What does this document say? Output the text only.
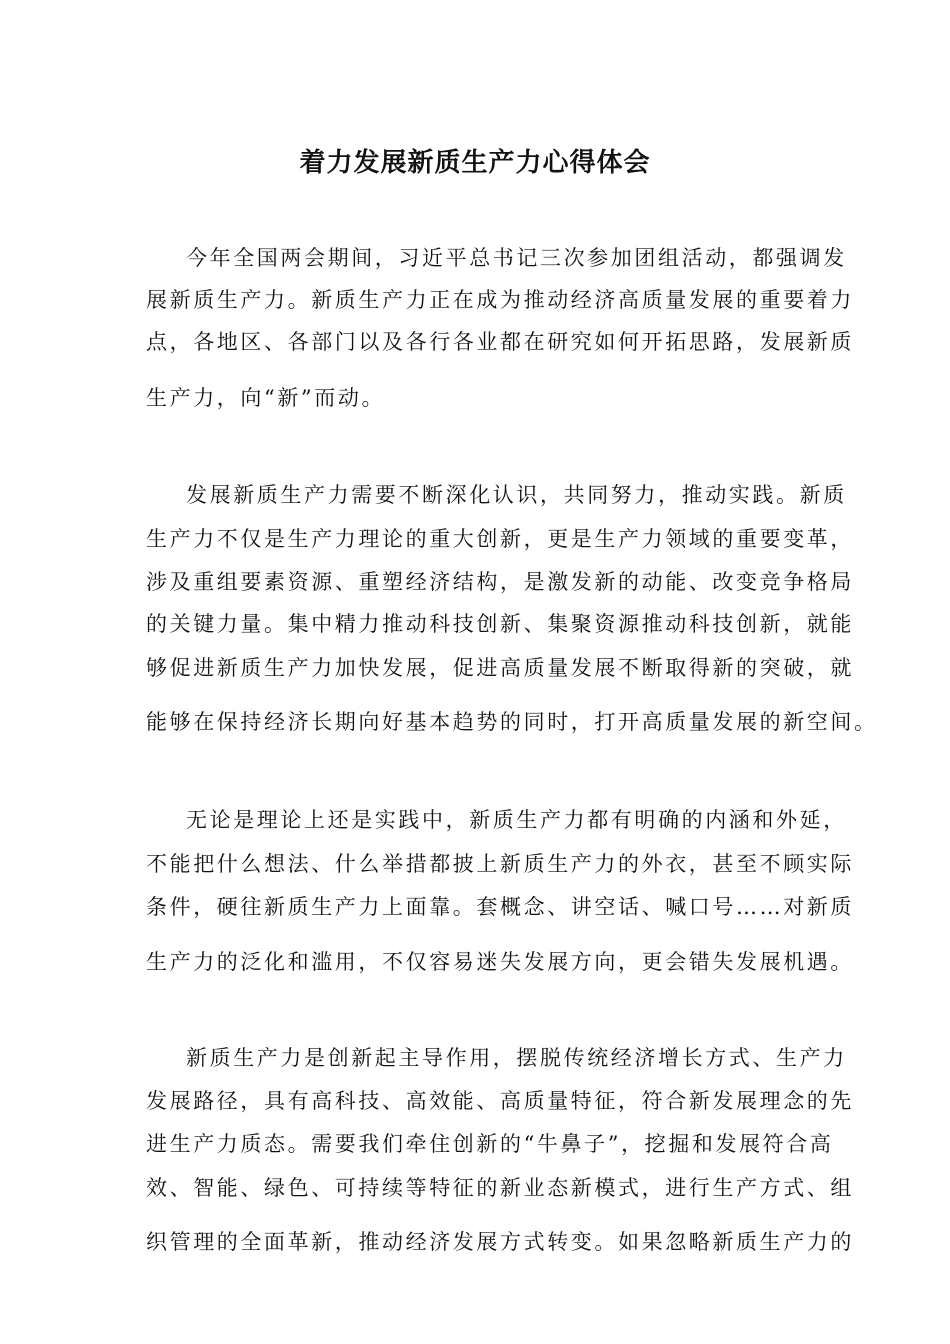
着力发展新质生产力心得体会
今年全国两会期间，习近平总书记三次参加团组活动，都强调发
展新质生产力。新质生产力正在成为推动经济高质量发展的重要着力
点，各地区、各部门以及各行各业都在研究如何开拓思路，发展新质
生产力，向“新”而动。
发展新质生产力需要不断深化认识，共同努力，推动实践。新质
生产力不仅是生产力理论的重大创新，更是生产力领域的重要变革，
涉及重组要素资源、重塑经济结构，是激发新的动能、改变竞争格局
的关键力量。集中精力推动科技创新、集聚资源推动科技创新，就能
够促进新质生产力加快发展，促进高质量发展不断取得新的突破，就
能够在保持经济长期向好基本趋势的同时，打开高质量发展的新空间。
无论是理论上还是实践中，新质生产力都有明确的内涵和外延，
不能把什么想法、什么举措都披上新质生产力的外衣，甚至不顾实际
条件，硬往新质生产力上面靠。套概念、讲空话、喊口号……对新质
生产力的泛化和滥用，不仅容易迷失发展方向，更会错失发展机遇。
新质生产力是创新起主导作用，摆脱传统经济增长方式、生产力
发展路径，具有高科技、高效能、高质量特征，符合新发展理念的先
进生产力质态。需要我们牵住创新的“牛鼻子”，挖掘和发展符合高
效、智能、绿色、可持续等特征的新业态新模式，进行生产方式、组
织管理的全面革新，推动经济发展方式转变。如果忽略新质生产力的
